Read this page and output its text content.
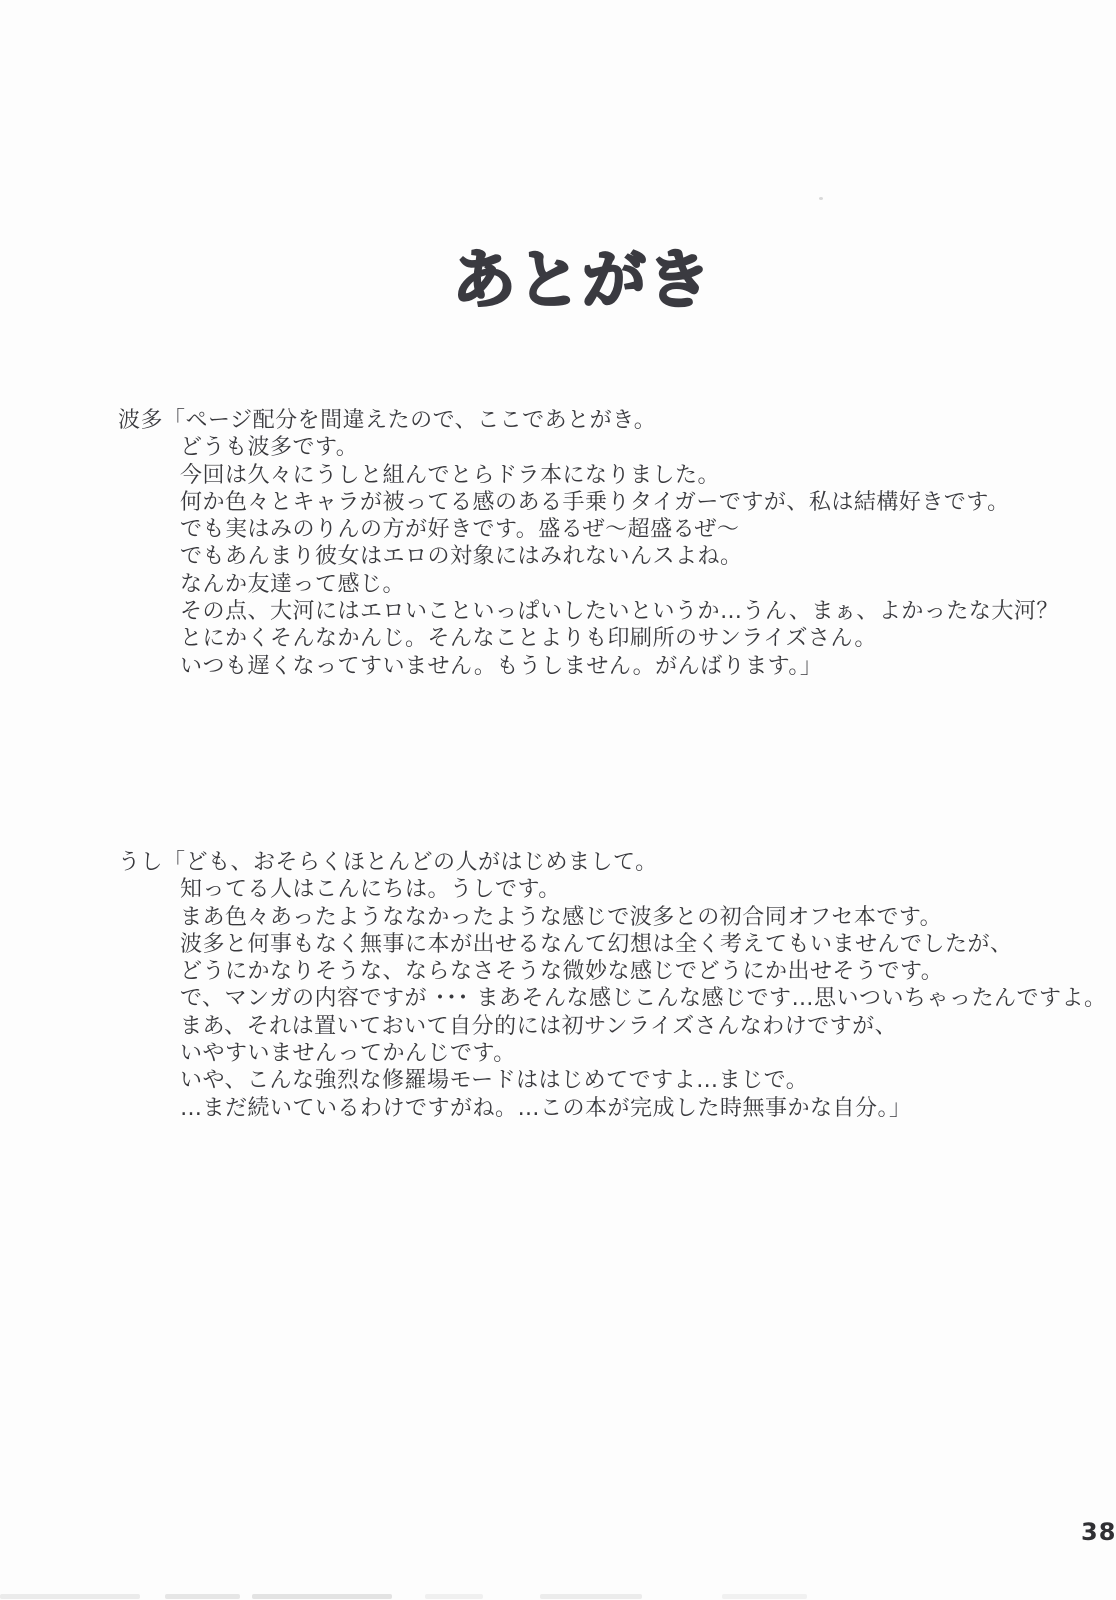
あとがき
波多「ページ配分を間違えたので、ここであとがき。
どうも波多です。
今回は久々にうしと組んでとらドラ本になりました。
何か色々とキャラが被ってる感のある手乗りタイガーですが、私は結構好きです。
でも実はみのりんの方が好きです。盛るぜ〜超盛るぜ〜
でもあんまり彼女はエロの対象にはみれないんスよね。
なんか友達って感じ。
その点、大河にはエロいこといっぱいしたいというか…うん、まぁ、よかったな大河？
とにかくそんなかんじ。そんなことよりも印刷所のサンライズさん。
いつも遅くなってすいません。もうしません。がんばります。」
うし「ども、おそらくほとんどの人がはじめまして。
知ってる人はこんにちは。うしです。
まあ色々あったようななかったような感じで波多との初合同オフセ本です。
波多と何事もなく無事に本が出せるなんて幻想は全く考えてもいませんでしたが、
どうにかなりそうな、ならなさそうな微妙な感じでどうにか出せそうです。
で、マンガの内容ですが ･･･ まあそんな感じこんな感じです…思いついちゃったんですよ。
まあ、それは置いておいて自分的には初サンライズさんなわけですが、
いやすいませんってかんじです。
いや、こんな強烈な修羅場モードははじめてですよ…まじで。
…まだ続いているわけですがね。…この本が完成した時無事かな自分。」
38
